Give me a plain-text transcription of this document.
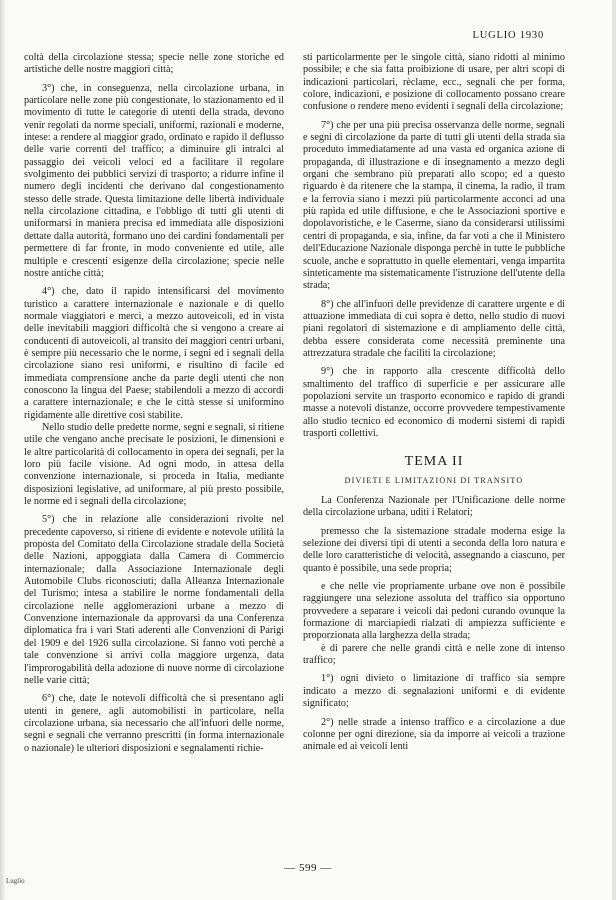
LUGLIO 1930

coltà della circolazione stessa; specie nelle zone storiche ed artistiche delle nostre maggiori città;

3°) che, in conseguenza, nella circolazione urbana, in particolare nelle zone più congestionate, lo stazionamento ed il movimento di tutte le categorie di utenti della strada, devono venir regolati da norme speciali, uniformi, razionali e moderne, intese: a rendere al maggior grado, ordinato e rapido il deflusso delle varie correnti del traffico; a diminuire gli intralci al passaggio dei veicoli veloci ed a facilitare il regolare svolgimento dei pubblici servizi di trasporto; a ridurre infine il numero degli incidenti che derivano dal congestionamento stesso delle strade. Questa limitazione delle libertà individuale nella circolazione cittadina, e l'obbligo di tutti gli utenti di uniformarsi in maniera precisa ed immediata alle disposizioni dettate dalla autorità, formano uno dei cardini fondamentali per permettere di far fronte, in modo conveniente ed utile, alle multiple e crescenti esigenze della circolazione; specie nelle nostre antiche città;

4°) che, dato il rapido intensificarsi del movimento turistico a carattere internazionale e nazionale e di quello normale viaggiatori e merci, a mezzo autoveicoli, ed in vista delle inevitabili maggiori difficoltà che si vengono a creare ai conducenti di autoveicoli, al transito dei maggiori centri urbani, è sempre più necessario che le norme, i segni ed i segnali della circolazione siano resi uniformi, e risultino di facile ed immediata comprensione anche da parte degli utenti che non conoscono la lingua del Paese; stabilendoli a mezzo di accordi a carattere internazionale; e che le città stesse si uniformino rigidamente alle direttive così stabilite.

Nello studio delle predette norme, segni e segnali, si ritiene utile che vengano anche precisate le posizioni, le dimensioni e le altre particolarità di collocamento in opera dei segnali, per la loro più facile visione. Ad ogni modo, in attesa della convenzione internazionale, si proceda in Italia, mediante disposizioni legislative, ad uniformare, al più presto possibile, le norme ed i segnali della circolazione;

5°) che in relazione alle considerazioni rivolte nel precedente capoverso, si ritiene di evidente e notevole utilità la proposta del Comitato della Circolazione stradale della Società delle Nazioni, appoggiata dalla Camera di Commercio internazionale; dalla Associazione Internazionale degli Automobile Clubs riconosciuti; dalla Alleanza Internazionale del Turismo; intesa a stabilire le norme fondamentali della circolazione nelle agglomerazioni urbane a mezzo di Convenzione internazionale da approvarsi da una Conferenza diplomatica fra i vari Stati aderenti alle Convenzioni di Parigi del 1909 e del 1926 sulla circolazione. Si fanno voti perchè a tale convenzione si arrivi colla maggiore urgenza, data l'improrogabilità della adozione di nuove norme di circolazione nelle varie città;

6°) che, date le notevoli difficoltà che si presentano agli utenti in genere, agli automobilisti in particolare, nella circolazione urbana, sia necessario che all'infuori delle norme, segni e segnali che verranno prescritti (in forma internazionale o nazionale) le ulteriori disposizioni e segnalamenti richie-

sti particolarmente per le singole città, siano ridotti al minimo possibile; e che sia fatta proibizione di usare, per altri scopi di indicazioni particolari, rèclame, ecc., segnali che per forma, colore, indicazioni, e posizione di collocamento possano creare confusione o rendere meno evidenti i segnali della circolazione;

7°) che per una più precisa osservanza delle norme, segnali e segni di circolazione da parte di tutti gli utenti della strada sia proceduto immediatamente ad una vasta ed organica azione di propaganda, di illustrazione e di insegnamento a mezzo degli organi che sembrano più preparati allo scopo; ed a questo riguardo è da ritenere che la stampa, il cinema, la radio, il tram e la ferrovia siano i mezzi più particolarmente acconci ad una più rapida ed utile diffusione, e che le Associazioni sportive e dopolavoristiche, e le Caserme, siano da considerarsi utilissimi centri di propaganda, e sia, infine, da far voti a che il Ministero dell'Educazione Nazionale disponga perchè in tutte le pubbliche scuole, anche e soprattutto in quelle elementari, venga impartita sinteticamente ma sistematicamente l'istruzione dell'utente della strada;

8°) che all'infuori delle previdenze di carattere urgente e di attuazione immediata di cui sopra è detto, nello studio di nuovi piani regolatori di sistemazione e di ampliamento delle città, debba essere considerata come necessità preminente una attrezzatura stradale che faciliti la circolazione;

9°) che in rapporto alla crescente difficoltà dello smaltimento del traffico di superficie e per assicurare alle popolazioni servite un trasporto economico e rapido di grandi masse a notevoli distanze, occorre provvedere tempestivamente allo studio tecnico ed economico di moderni sistemi di rapidi trasporti collettivi.

TEMA II

DIVIETI E LIMITAZIONI DI TRANSITO

La Conferenza Nazionale per l'Unificazione delle norme della circolazione urbana, uditi i Relatori;

premesso che la sistemazione stradale moderna esige la selezione dei diversi tipi di utenti a seconda della loro natura e delle loro caratteristiche di velocità, assegnando a ciascuno, per quanto è possibile, una sede propria;

e che nelle vie propriamente urbane ove non è possibile raggiungere una selezione assoluta del traffico sia opportuno provvedere a separare i veicoli dai pedoni curando ovunque la formazione di marciapiedi rialzati di ampiezza sufficiente e proporzionata alla larghezza della strada;

è di parere che nelle grandi città e nelle zone di intenso traffico;

1°) ogni divieto o limitazione di traffico sia sempre indicato a mezzo di segnalazioni uniformi e di evidente significato;

2°) nelle strade a intenso traffico e a circolazione a due colonne per ogni direzione, sia da imporre ai veicoli a trazione animale ed ai veicoli lenti

— 599 —
Luglio
